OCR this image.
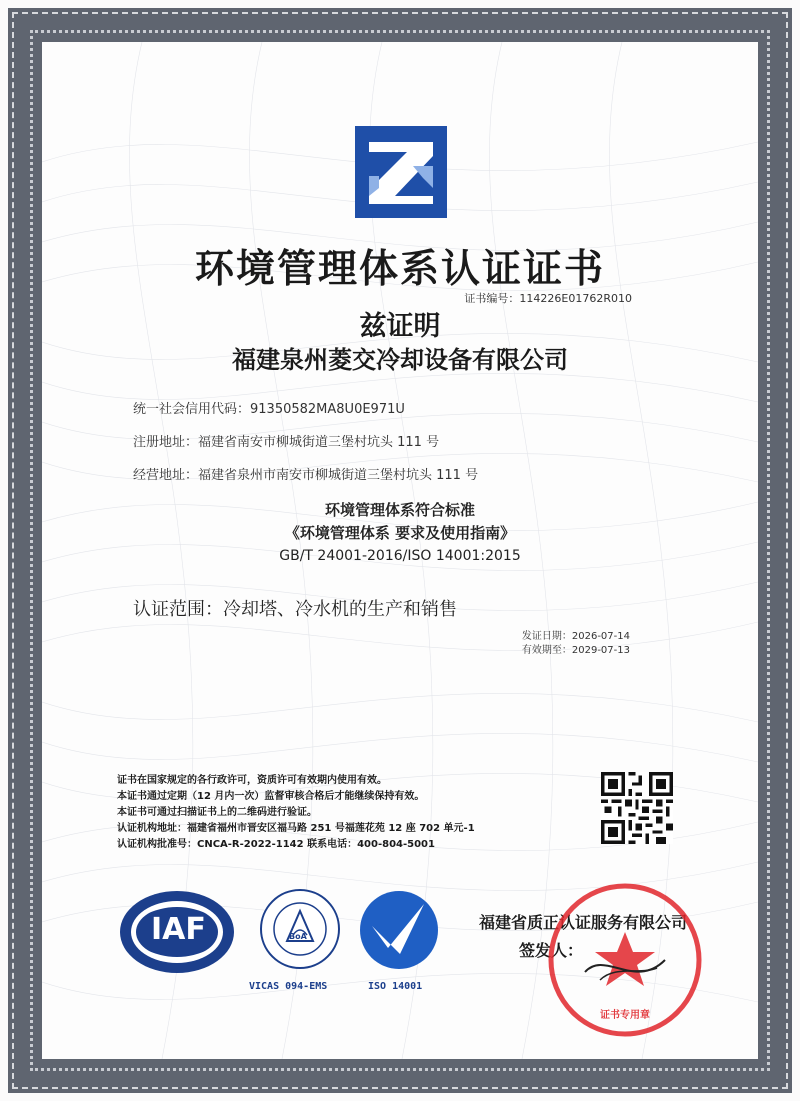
环境管理体系认证证书
证书编号：114226E01762R010
兹证明
福建泉州菱交冷却设备有限公司
统一社会信用代码：91350582MA8U0E971U
注册地址：福建省南安市柳城街道三堡村坑头 111 号
经营地址：福建省泉州市南安市柳城街道三堡村坑头 111 号
环境管理体系符合标准
《环境管理体系 要求及使用指南》
GB/T 24001-2016/ISO 14001:2015
认证范围：冷却塔、冷水机的生产和销售
发证日期：2026-07-14
有效期至：2029-07-13
证书在国家规定的各行政许可，资质许可有效期内使用有效。
本证书通过定期（12 月内一次）监督审核合格后才能继续保持有效。
本证书可通过扫描证书上的二维码进行验证。
认证机构地址：福建省福州市晋安区福马路 251 号福莲花苑 12 座 702 单元-1
认证机构批准号：CNCA-R-2022-1142 联系电话：400-804-5001
IAF	BoA
VICAS 094-EMS	ISO 14001
福建省质正认证服务有限公司
签发人：
证书专用章
